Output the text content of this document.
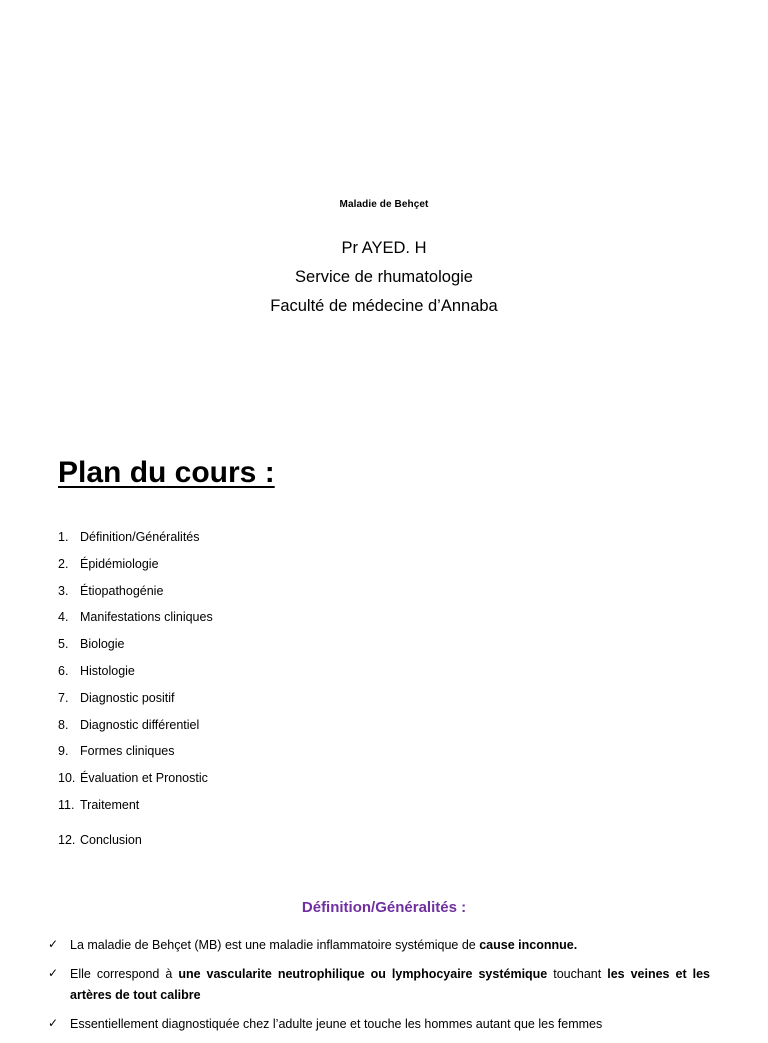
Maladie de Behçet
Pr AYED. H
Service de rhumatologie
Faculté de médecine d’Annaba
Plan du cours :
1. Définition/Généralités
2. Épidémiologie
3. Étiopathogénie
4. Manifestations cliniques
5. Biologie
6. Histologie
7. Diagnostic positif
8. Diagnostic différentiel
9. Formes cliniques
10. Évaluation et Pronostic
11. Traitement
12. Conclusion
Définition/Généralités :
✓ La maladie de Behçet (MB) est une maladie inflammatoire systémique de cause inconnue.
✓ Elle correspond à une vascularite neutrophilique ou lymphocyaire systémique touchant les veines et les artères de tout calibre
✓ Essentiellement diagnostiquée chez l’adulte jeune et touche les hommes autant que les femmes
